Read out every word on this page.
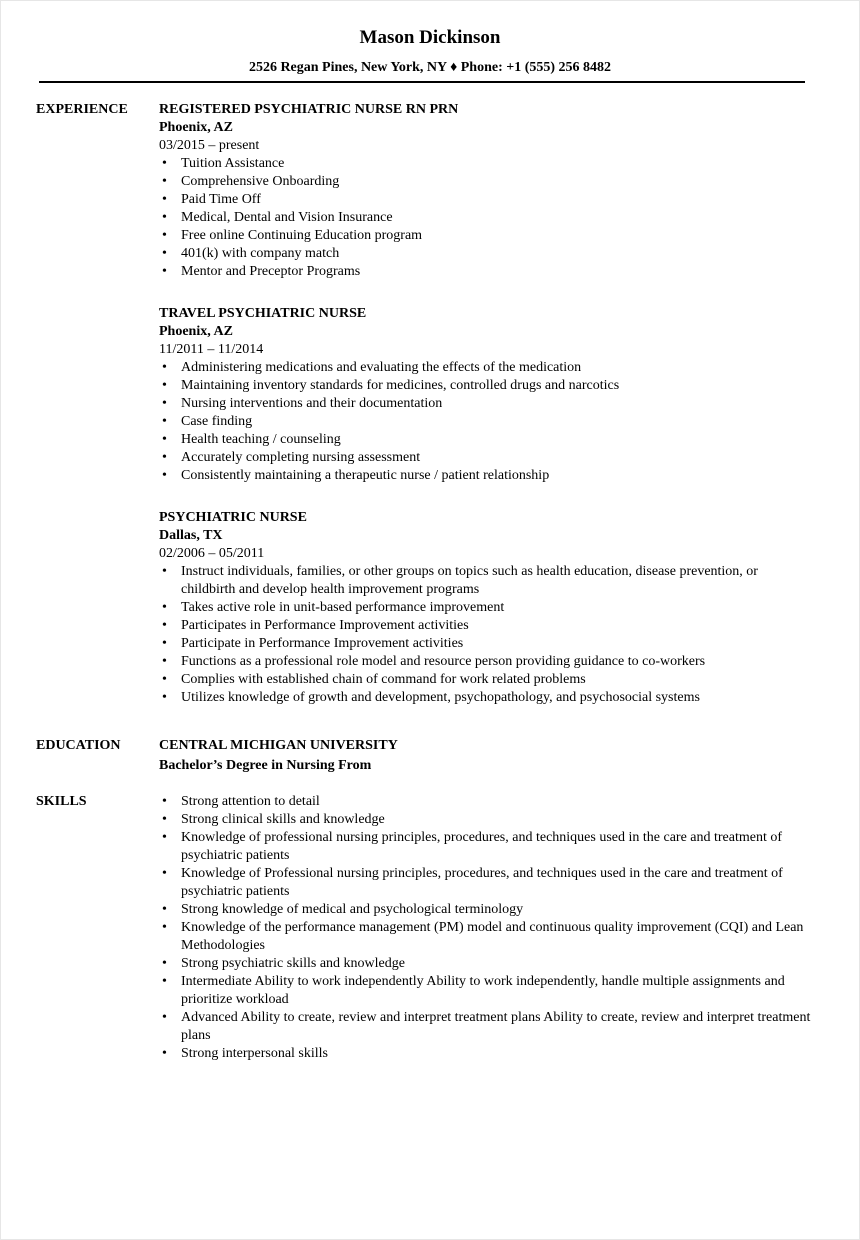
Mason Dickinson
2526 Regan Pines, New York, NY ♦ Phone: +1 (555) 256 8482
EXPERIENCE	REGISTERED PSYCHIATRIC NURSE RN PRN
Phoenix, AZ
03/2015 – present
• Tuition Assistance
• Comprehensive Onboarding
• Paid Time Off
• Medical, Dental and Vision Insurance
• Free online Continuing Education program
• 401(k) with company match
• Mentor and Preceptor Programs
TRAVEL PSYCHIATRIC NURSE
Phoenix, AZ
11/2011 – 11/2014
• Administering medications and evaluating the effects of the medication
• Maintaining inventory standards for medicines, controlled drugs and narcotics
• Nursing interventions and their documentation
• Case finding
• Health teaching / counseling
• Accurately completing nursing assessment
• Consistently maintaining a therapeutic nurse / patient relationship
PSYCHIATRIC NURSE
Dallas, TX
02/2006 – 05/2011
• Instruct individuals, families, or other groups on topics such as health education, disease prevention, or childbirth and develop health improvement programs
• Takes active role in unit-based performance improvement
• Participates in Performance Improvement activities
• Participate in Performance Improvement activities
• Functions as a professional role model and resource person providing guidance to co-workers
• Complies with established chain of command for work related problems
• Utilizes knowledge of growth and development, psychopathology, and psychosocial systems
EDUCATION	CENTRAL MICHIGAN UNIVERSITY
Bachelor’s Degree in Nursing From
SKILLS
•	Strong attention to detail
• Strong clinical skills and knowledge
• Knowledge of professional nursing principles, procedures, and techniques used in the care and treatment of psychiatric patients
• Knowledge of Professional nursing principles, procedures, and techniques used in the care and treatment of psychiatric patients
• Strong knowledge of medical and psychological terminology
• Knowledge of the performance management (PM) model and continuous quality improvement (CQI) and Lean Methodologies
• Strong psychiatric skills and knowledge
• Intermediate Ability to work independently Ability to work independently, handle multiple assignments and prioritize workload
• Advanced Ability to create, review and interpret treatment plans Ability to create, review and interpret treatment plans
• Strong interpersonal skills
